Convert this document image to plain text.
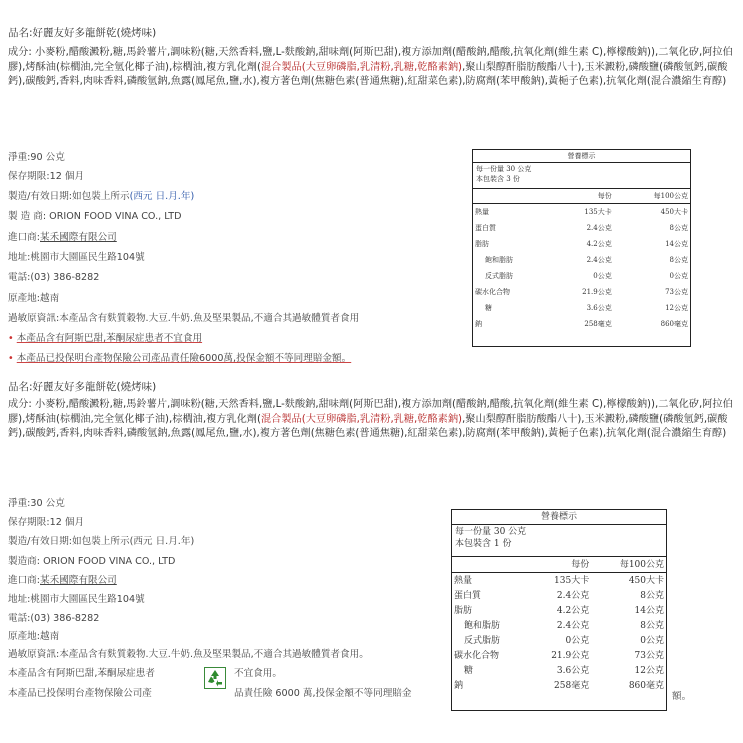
品名:好麗友好多龍餅乾(燒烤味)
成分: 小麥粉,醋酸澱粉,糖,馬鈴薯片,調味粉(糖,天然香料,鹽,L-麩酸鈉,甜味劑(阿斯巴甜),複方添加劑(醋酸鈉,醋酸,抗氧化劑(維生素 C),檸檬酸鈉)),二氧化矽,阿拉伯膠),烤酥油(棕櫚油,完全氫化椰子油),棕櫚油,複方乳化劑(混合製品(大豆卵磷脂,乳清粉,乳糖,乾酪素鈉),聚山梨醇酐脂肪酸酯八十),玉米澱粉,磷酸鹽(磷酸氫鈣,碳酸鈣),碳酸鈣,香料,肉味香料,磷酸氫鈉,魚露(鳳尾魚,鹽,水),複方著色劑(焦糖色素(普通焦糖),紅甜菜色素),防腐劑(苯甲酸鈉),黃梔子色素),抗氧化劑(混合濃縮生育醇)
淨重:90 公克
保存期限:12 個月
製造/有效日期:如包裝上所示(西元 日.月.年)
製 造 商: ORION FOOD VINA CO., LTD
進口商:某禾國際有限公司
地址:桃園市大園區民生路104號
電話:(03) 386-8282
原產地:越南
過敏原資訊:本產品含有麩質穀物.大豆.牛奶.魚及堅果製品,不適合其過敏體質者食用
• 本產品含有阿斯巴甜,苯酮尿症患者不宜食用
• 本產品已投保明台產物保險公司產品責任險6000萬,投保金額不等同理賠金額。
營養標示
每一份量 30 公克
本包裝含 3 份
	每份	每100公克
熱量	135大卡	450大卡
蛋白質	2.4公克	8公克
脂肪	4.2公克	14公克
飽和脂肪	2.4公克	8公克
反式脂肪	0公克	0公克
碳水化合物	21.9公克	73公克
糖	3.6公克	12公克
鈉	258毫克	860毫克
品名:好麗友好多龍餅乾(燒烤味)
成分: 小麥粉,醋酸澱粉,糖,馬鈴薯片,調味粉(糖,天然香料,鹽,L-麩酸鈉,甜味劑(阿斯巴甜),複方添加劑(醋酸鈉,醋酸,抗氧化劑(維生素 C),檸檬酸鈉)),二氧化矽,阿拉伯膠),烤酥油(棕櫚油,完全氫化椰子油),棕櫚油,複方乳化劑(混合製品(大豆卵磷脂,乳清粉,乳糖,乾酪素鈉),聚山梨醇酐脂肪酸酯八十),玉米澱粉,磷酸鹽(磷酸氫鈣,碳酸鈣),碳酸鈣,香料,肉味香料,磷酸氫鈉,魚露(鳳尾魚,鹽,水),複方著色劑(焦糖色素(普通焦糖),紅甜菜色素),防腐劑(苯甲酸鈉),黃梔子色素),抗氧化劑(混合濃縮生育醇)
淨重:30 公克
保存期限:12 個月
製造/有效日期:如包裝上所示(西元 日.月.年)
製造商: ORION FOOD VINA CO., LTD
進口商:某禾國際有限公司
地址:桃園市大園區民生路104號
電話:(03) 386-8282
原產地:越南
過敏原資訊:本產品含有麩質穀物.大豆.牛奶.魚及堅果製品,不適合其過敏體質者食用。
本產品含有阿斯巴甜,苯酮尿症患者	不宜食用。
本產品已投保明台產物保險公司產	品責任險 6000 萬,投保金額不等同理賠金	額。
營養標示
每一份量 30 公克
本包裝含 1 份
	每份	每100公克
熱量	135大卡	450大卡
蛋白質	2.4公克	8公克
脂肪	4.2公克	14公克
飽和脂肪	2.4公克	8公克
反式脂肪	0公克	0公克
碳水化合物	21.9公克	73公克
糖	3.6公克	12公克
鈉	258毫克	860毫克
